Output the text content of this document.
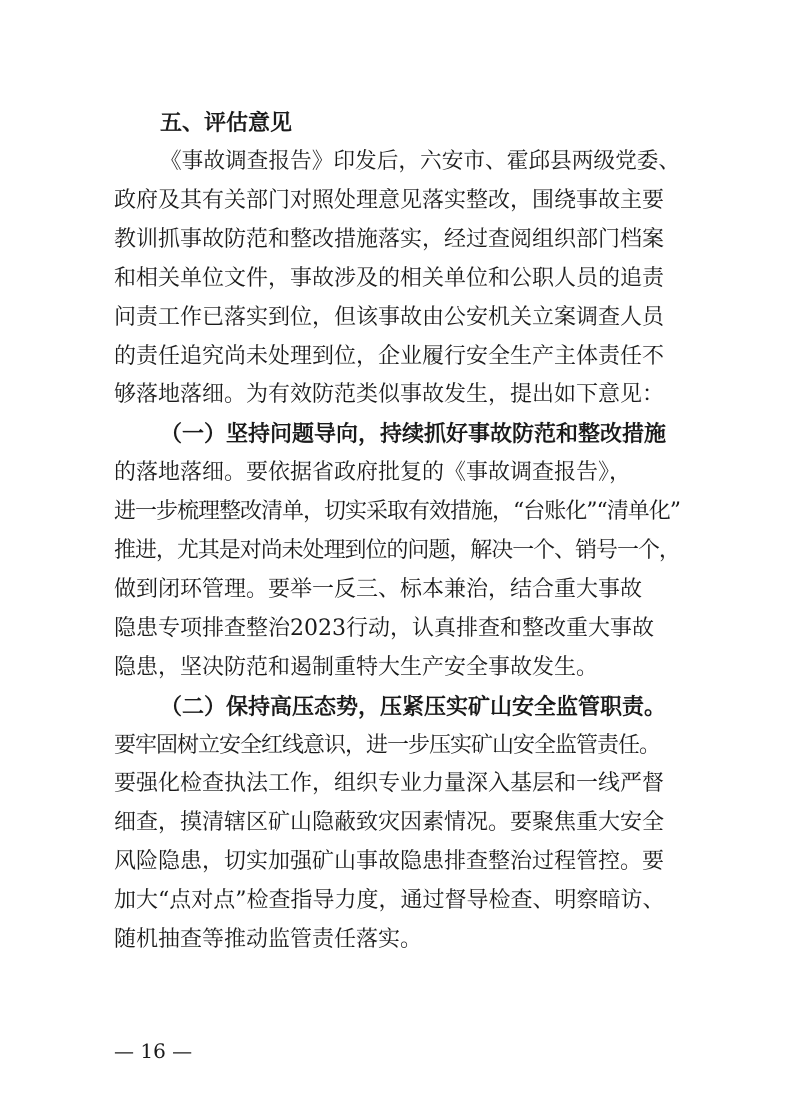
五、评估意见
《事故调查报告》印发后，六安市、霍邱县两级党委、
政府及其有关部门对照处理意见落实整改，围绕事故主要
教训抓事故防范和整改措施落实，经过查阅组织部门档案
和相关单位文件，事故涉及的相关单位和公职人员的追责
问责工作已落实到位，但该事故由公安机关立案调查人员
的责任追究尚未处理到位，企业履行安全生产主体责任不
够落地落细。为有效防范类似事故发生，提出如下意见：
（一）坚持问题导向，持续抓好事故防范和整改措施
的落地落细。要依据省政府批复的《事故调查报告》，
进一步梳理整改清单，切实采取有效措施，“台账化”“清单化”
推进，尤其是对尚未处理到位的问题，解决一个、销号一个，
做到闭环管理。要举一反三、标本兼治，结合重大事故
隐患专项排查整治2023行动，认真排查和整改重大事故
隐患，坚决防范和遏制重特大生产安全事故发生。
（二）保持高压态势，压紧压实矿山安全监管职责。
要牢固树立安全红线意识，进一步压实矿山安全监管责任。
要强化检查执法工作，组织专业力量深入基层和一线严督
细查，摸清辖区矿山隐蔽致灾因素情况。要聚焦重大安全
风险隐患，切实加强矿山事故隐患排查整治过程管控。要
加大“点对点”检查指导力度，通过督导检查、明察暗访、
随机抽查等推动监管责任落实。
— 16 —
